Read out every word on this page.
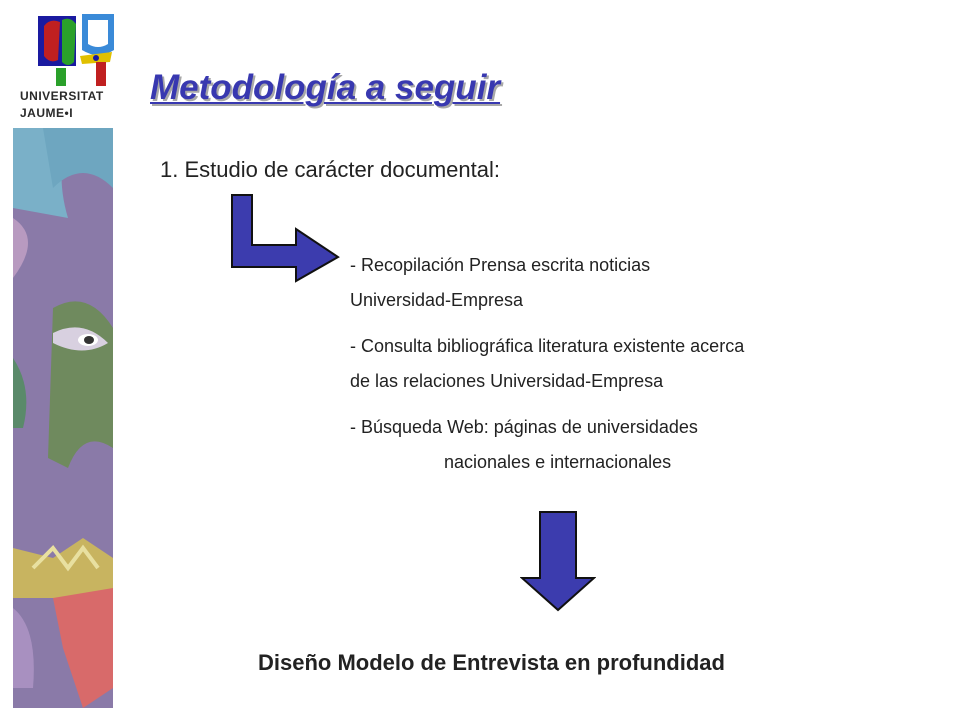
UNIVERSITAT
JAUME•I
Metodología a seguir
1. Estudio de carácter documental:
- Recopilación Prensa escrita noticias
Universidad-Empresa
- Consulta bibliográfica literatura existente acerca
de las relaciones Universidad-Empresa
- Búsqueda Web: páginas de universidades
nacionales e internacionales
Diseño Modelo de Entrevista en profundidad
